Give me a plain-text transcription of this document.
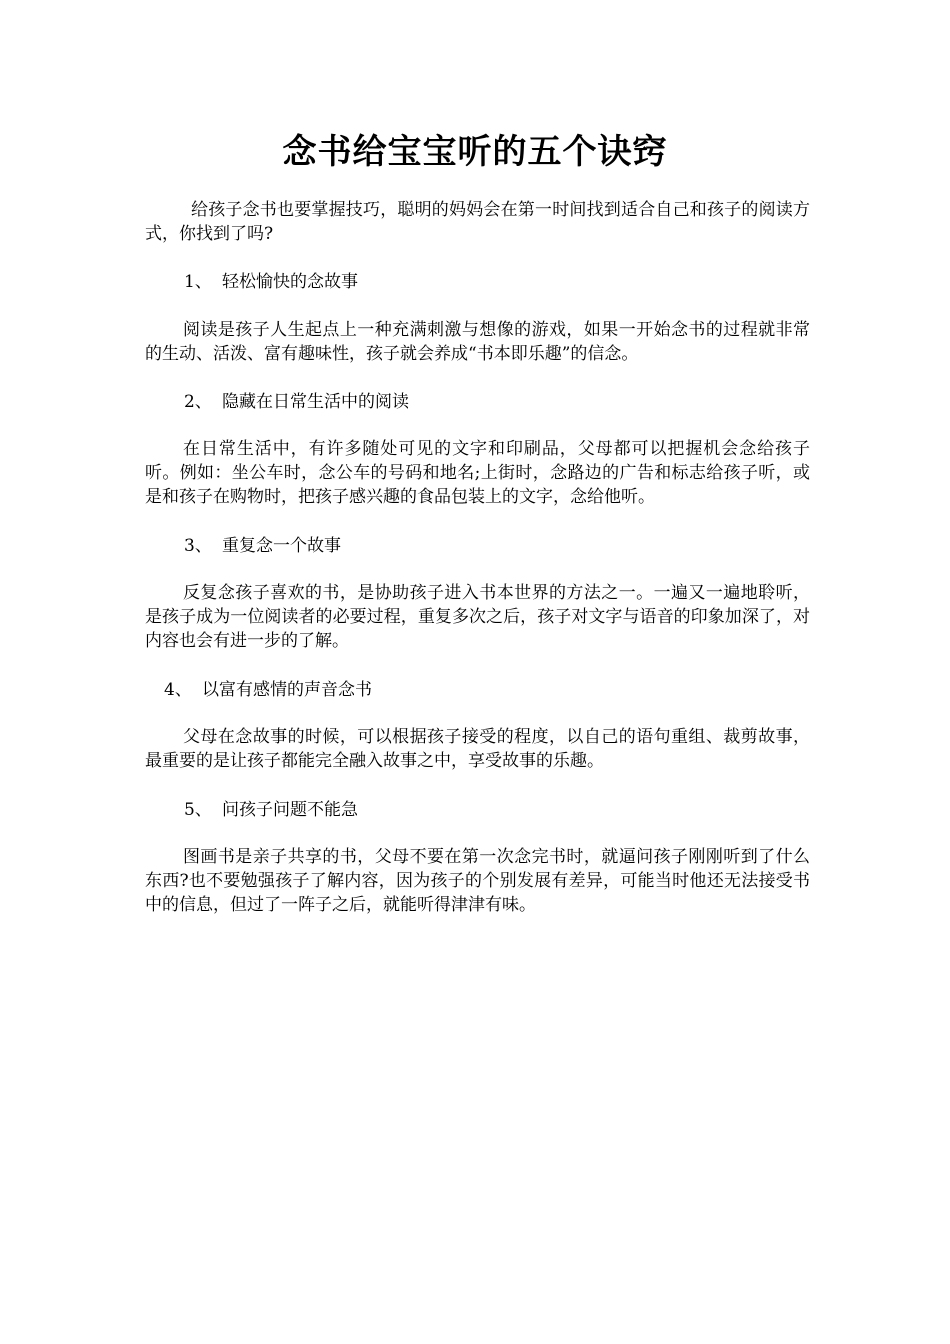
念书给宝宝听的五个诀窍

给孩子念书也要掌握技巧，聪明的妈妈会在第一时间找到适合自己和孩子的阅读方式，你找到了吗?

1、 轻松愉快的念故事

阅读是孩子人生起点上一种充满刺激与想像的游戏，如果一开始念书的过程就非常的生动、活泼、富有趣味性，孩子就会养成“书本即乐趣”的信念。

2、 隐藏在日常生活中的阅读

在日常生活中，有许多随处可见的文字和印刷品，父母都可以把握机会念给孩子听。例如：坐公车时，念公车的号码和地名;上街时，念路边的广告和标志给孩子听，或是和孩子在购物时，把孩子感兴趣的食品包装上的文字，念给他听。

3、 重复念一个故事

反复念孩子喜欢的书，是协助孩子进入书本世界的方法之一。一遍又一遍地聆听，是孩子成为一位阅读者的必要过程，重复多次之后，孩子对文字与语音的印象加深了，对内容也会有进一步的了解。

4、 以富有感情的声音念书

父母在念故事的时候，可以根据孩子接受的程度，以自己的语句重组、裁剪故事，最重要的是让孩子都能完全融入故事之中，享受故事的乐趣。

5、 问孩子问题不能急

图画书是亲子共享的书，父母不要在第一次念完书时，就逼问孩子刚刚听到了什么东西?也不要勉强孩子了解内容，因为孩子的个别发展有差异，可能当时他还无法接受书中的信息，但过了一阵子之后，就能听得津津有味。
